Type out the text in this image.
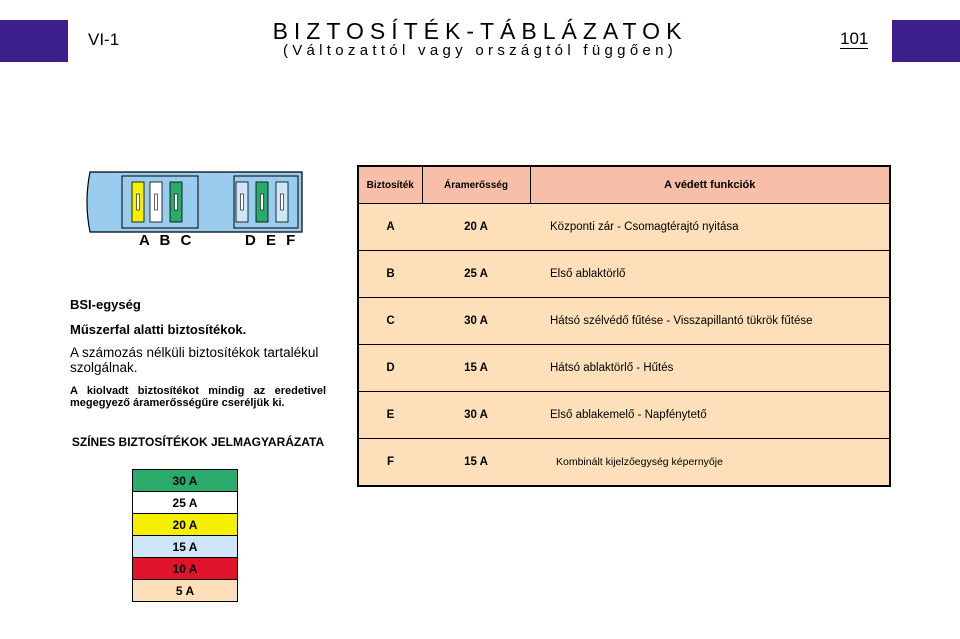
VI-1	BIZTOSÍTÉK-TÁBLÁZATOK
(Változattól vagy országtól függően)
101
A B C	D E F
BSI-egység
Műszerfal alatti biztosítékok.
A számozás nélküli biztosítékok tartalékul szolgálnak.
A kiolvadt biztosítékot mindig az eredetivel megegyező áramerősségűre cseréljük ki.
SZÍNES BIZTOSÍTÉKOK JELMAGYARÁZATA
30 A
25 A
20 A
15 A
10 A
5 A
Biztosíték	Áramerősség	A védett funkciók
A	20 A	Központi zár - Csomagtérajtó nyitása
B	25 A	Első ablaktörlő
C	30 A	Hátsó szélvédő fűtése - Visszapillantó tükrök fűtése
D	15 A	Hátsó ablaktörlő - Hűtés
E	30 A	Első ablakemelő - Napfénytető
F	15 A	Kombinált kijelzőegység képernyője
